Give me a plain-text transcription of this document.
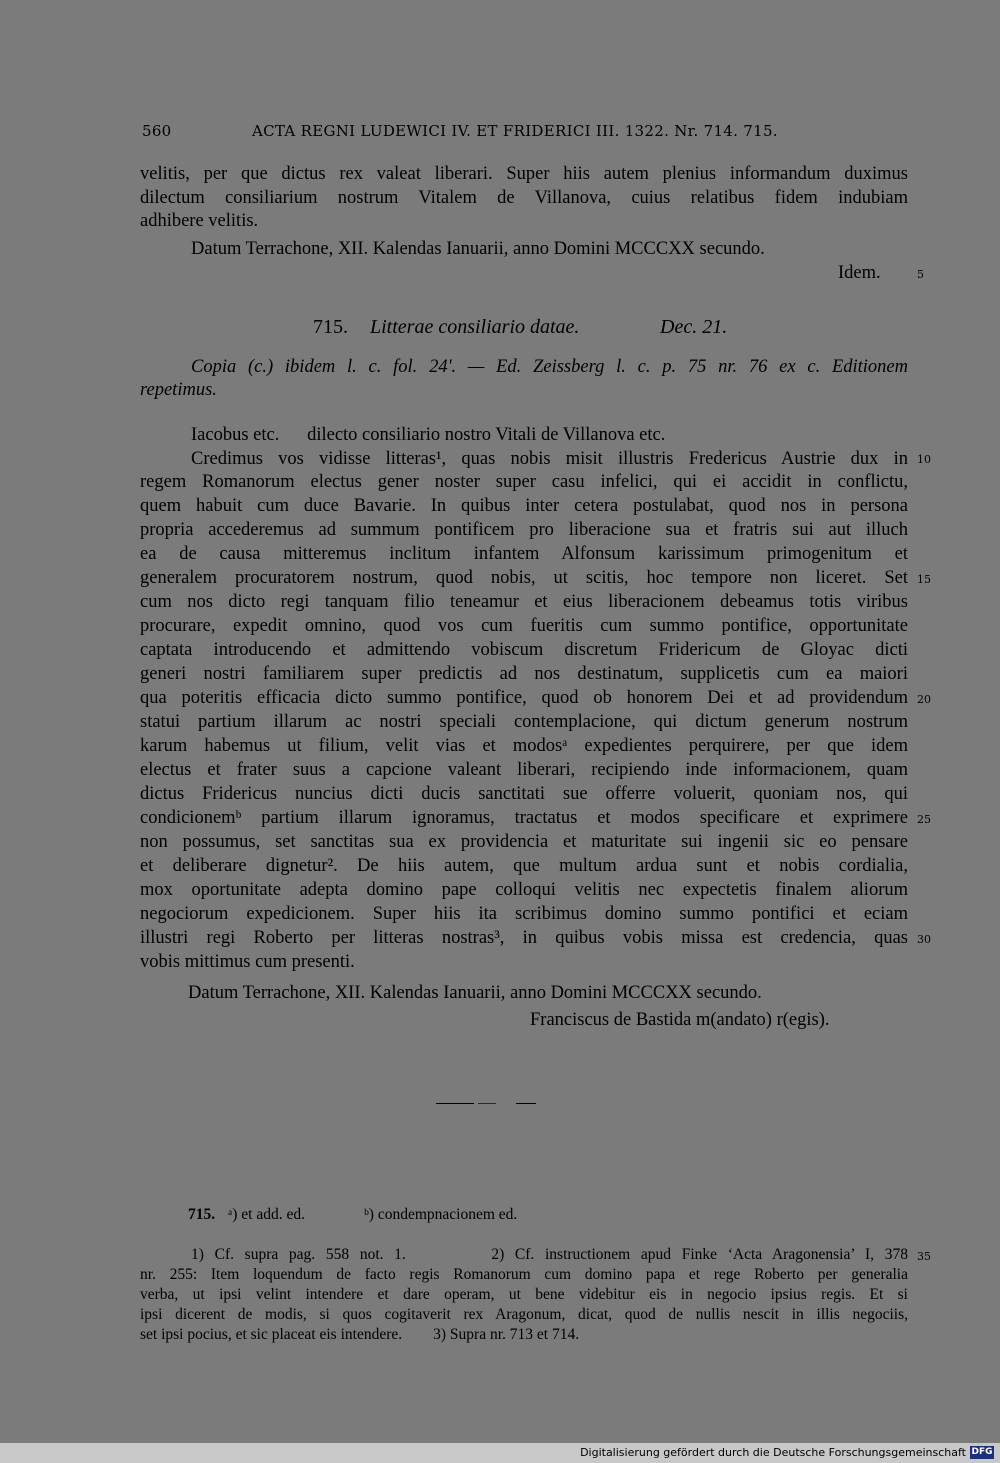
560	ACTA REGNI LUDEWICI IV. ET FRIDERICI III. 1322. Nr. 714. 715.
velitis, per que dictus rex valeat liberari. Super hiis autem plenius informandum duximus
dilectum consiliarium nostrum Vitalem de Villanova, cuius relatibus fidem indubiam
adhibere velitis.
Datum Terrachone, XII. Kalendas Ianuarii, anno Domini MCCCXX secundo.
Idem.
715. Litterae consiliario datae.	Dec. 21.
Copia (c.) ibidem l. c. fol. 24'. — Ed. Zeissberg l. c. p. 75 nr. 76 ex c. Editionem
repetimus.
Iacobus etc.      dilecto consiliario nostro Vitali de Villanova etc.
Credimus vos vidisse litteras¹, quas nobis misit illustris Fredericus Austrie dux in
regem Romanorum electus gener noster super casu infelici, qui ei accidit in conflictu,
quem habuit cum duce Bavarie. In quibus inter cetera postulabat, quod nos in persona
propria accederemus ad summum pontificem pro liberacione sua et fratris sui aut illuch
ea de causa mitteremus inclitum infantem Alfonsum karissimum primogenitum et
generalem procuratorem nostrum, quod nobis, ut scitis, hoc tempore non liceret. Set
cum nos dicto regi tanquam filio teneamur et eius liberacionem debeamus totis viribus
procurare, expedit omnino, quod vos cum fueritis cum summo pontifice, opportunitate
captata introducendo et admittendo vobiscum discretum Fridericum de Gloyac dicti
generi nostri familiarem super predictis ad nos destinatum, supplicetis cum ea maiori
qua poteritis efficacia dicto summo pontifice, quod ob honorem Dei et ad providendum
statui partium illarum ac nostri speciali contemplacione, qui dictum generum nostrum
karum habemus ut filium, velit vias et modosᵃ expedientes perquirere, per que idem
electus et frater suus a capcione valeant liberari, recipiendo inde informacionem, quam
dictus Fridericus nuncius dicti ducis sanctitati sue offerre voluerit, quoniam nos, qui
condicionemᵇ partium illarum ignoramus, tractatus et modos specificare et exprimere
non possumus, set sanctitas sua ex providencia et maturitate sui ingenii sic eo pensare
et deliberare dignetur². De hiis autem, que multum ardua sunt et nobis cordialia,
mox oportunitate adepta domino pape colloqui velitis nec expectetis finalem aliorum
negociorum expedicionem. Super hiis ita scribimus domino summo pontifici et eciam
illustri regi Roberto per litteras nostras³, in quibus vobis missa est credencia, quas
vobis mittimus cum presenti.
Datum Terrachone, XII. Kalendas Ianuarii, anno Domini MCCCXX secundo.
Franciscus de Bastida m(andato) r(egis).
5
10
15
20
25
30
35
715. ᵃ) et add. ed.	ᵇ) condempnacionem ed.
1) Cf. supra pag. 558 not. 1.        2) Cf. instructionem apud Finke ‘Acta Aragonensia’ I, 378
nr. 255: Item loquendum de facto regis Romanorum cum domino papa et rege Roberto per generalia
verba, ut ipsi velint intendere et dare operam, ut bene videbitur eis in negocio ipsius regis. Et si
ipsi dicerent de modis, si quos cogitaverit rex Aragonum, dicat, quod de nullis nescit in illis negociis,
set ipsi pocius, et sic placeat eis intendere.        3) Supra nr. 713 et 714.
Digitalisierung gefördert durch die Deutsche Forschungsgemeinschaft DFG
